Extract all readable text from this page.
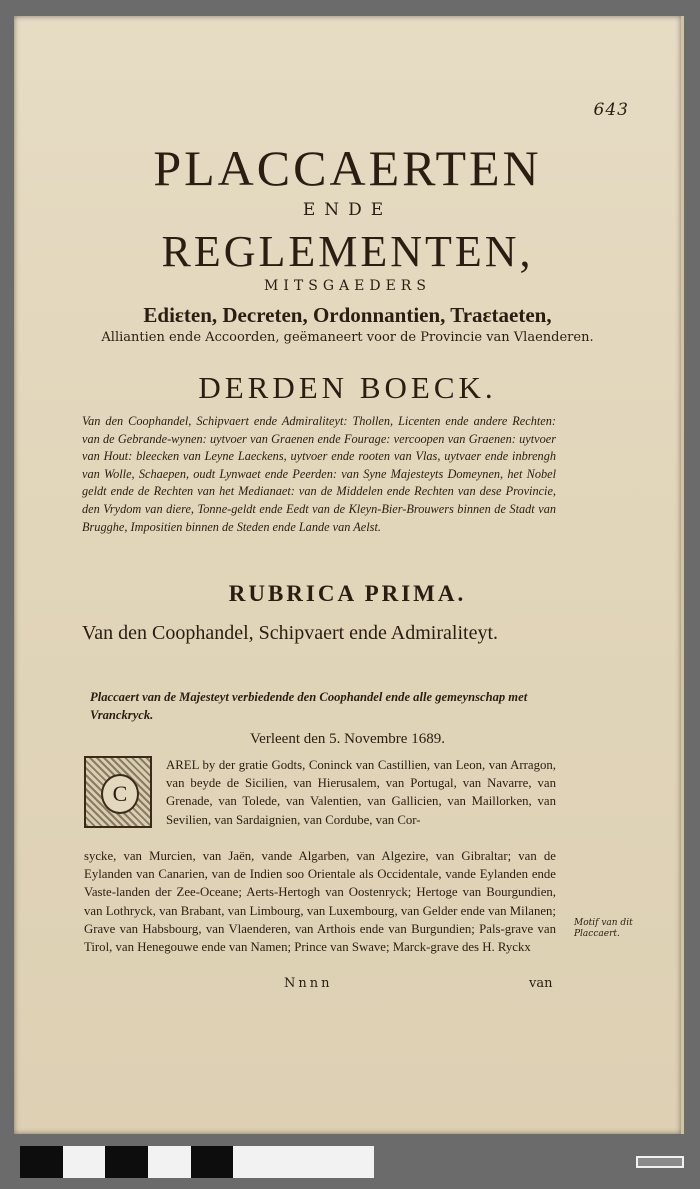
643
PLACCAERTEN
ENDE
REGLEMENTEN,
MITSGAEDERS
Ediɛten, Decreten, Ordonnantien, Traɛtaeten,
Alliantien ende Accoorden, geëmaneert voor de Provincie van Vlaenderen.
DERDEN BOECK.
Van den Coophandel, Schipvaert ende Admiraliteyt: Thollen, Licenten ende andere Rechten: van de Gebrande-wynen: uytvoer van Graenen ende Fourage: vercoopen van Graenen: uytvoer van Hout: bleecken van Leyne Laeckens, uytvoer ende rooten van Vlas, uytvaer ende inbrengh van Wolle, Schaepen, oudt Lynwaet ende Peerden: van Syne Majesteyts Domeynen, het Nobel geldt ende de Rechten van het Medianaet: van de Middelen ende Rechten van dese Provincie, den Vrydom van diere, Tonne-geldt ende Eedt van de Kleyn-Bier-Brouwers binnen de Stadt van Brugghe, Impositien binnen de Steden ende Lande van Aelst.
RUBRICA PRIMA.
Van den Coophandel, Schipvaert ende Admiraliteyt.
Placcaert van de Majesteyt verbiedende den Coophandel ende alle gemeynschap met Vranckryck.
Verleent den 5. Novembre 1689.
C
AREL by der gratie Godts, Coninck van Castillien, van Leon, van Arragon, van beyde de Sicilien, van Hierusalem, van Portugal, van Navarre, van Grenade, van Tolede, van Valentien, van Gallicien, van Maillorken, van Sevilien, van Sardaignien, van Cordube, van Cor-
sycke, van Murcien, van Jaën, vande Algarben, van Algezire, van Gibraltar; van de Eylanden van Canarien, van de Indien soo Orientale als Occidentale, vande Eylanden ende Vaste-landen der Zee-Oceane; Aerts-Hertogh van Oostenryck; Hertoge van Bourgundien, van Lothryck, van Brabant, van Limbourg, van Luxembourg, van Gelder ende van Milanen; Grave van Habsbourg, van Vlaenderen, van Arthois ende van Burgundien; Pals-grave van Tirol, van Henegouwe ende van Namen; Prince van Swave; Marck-grave des H. Ryckx
Motif van dit Placcaert.
Nnnn	van
